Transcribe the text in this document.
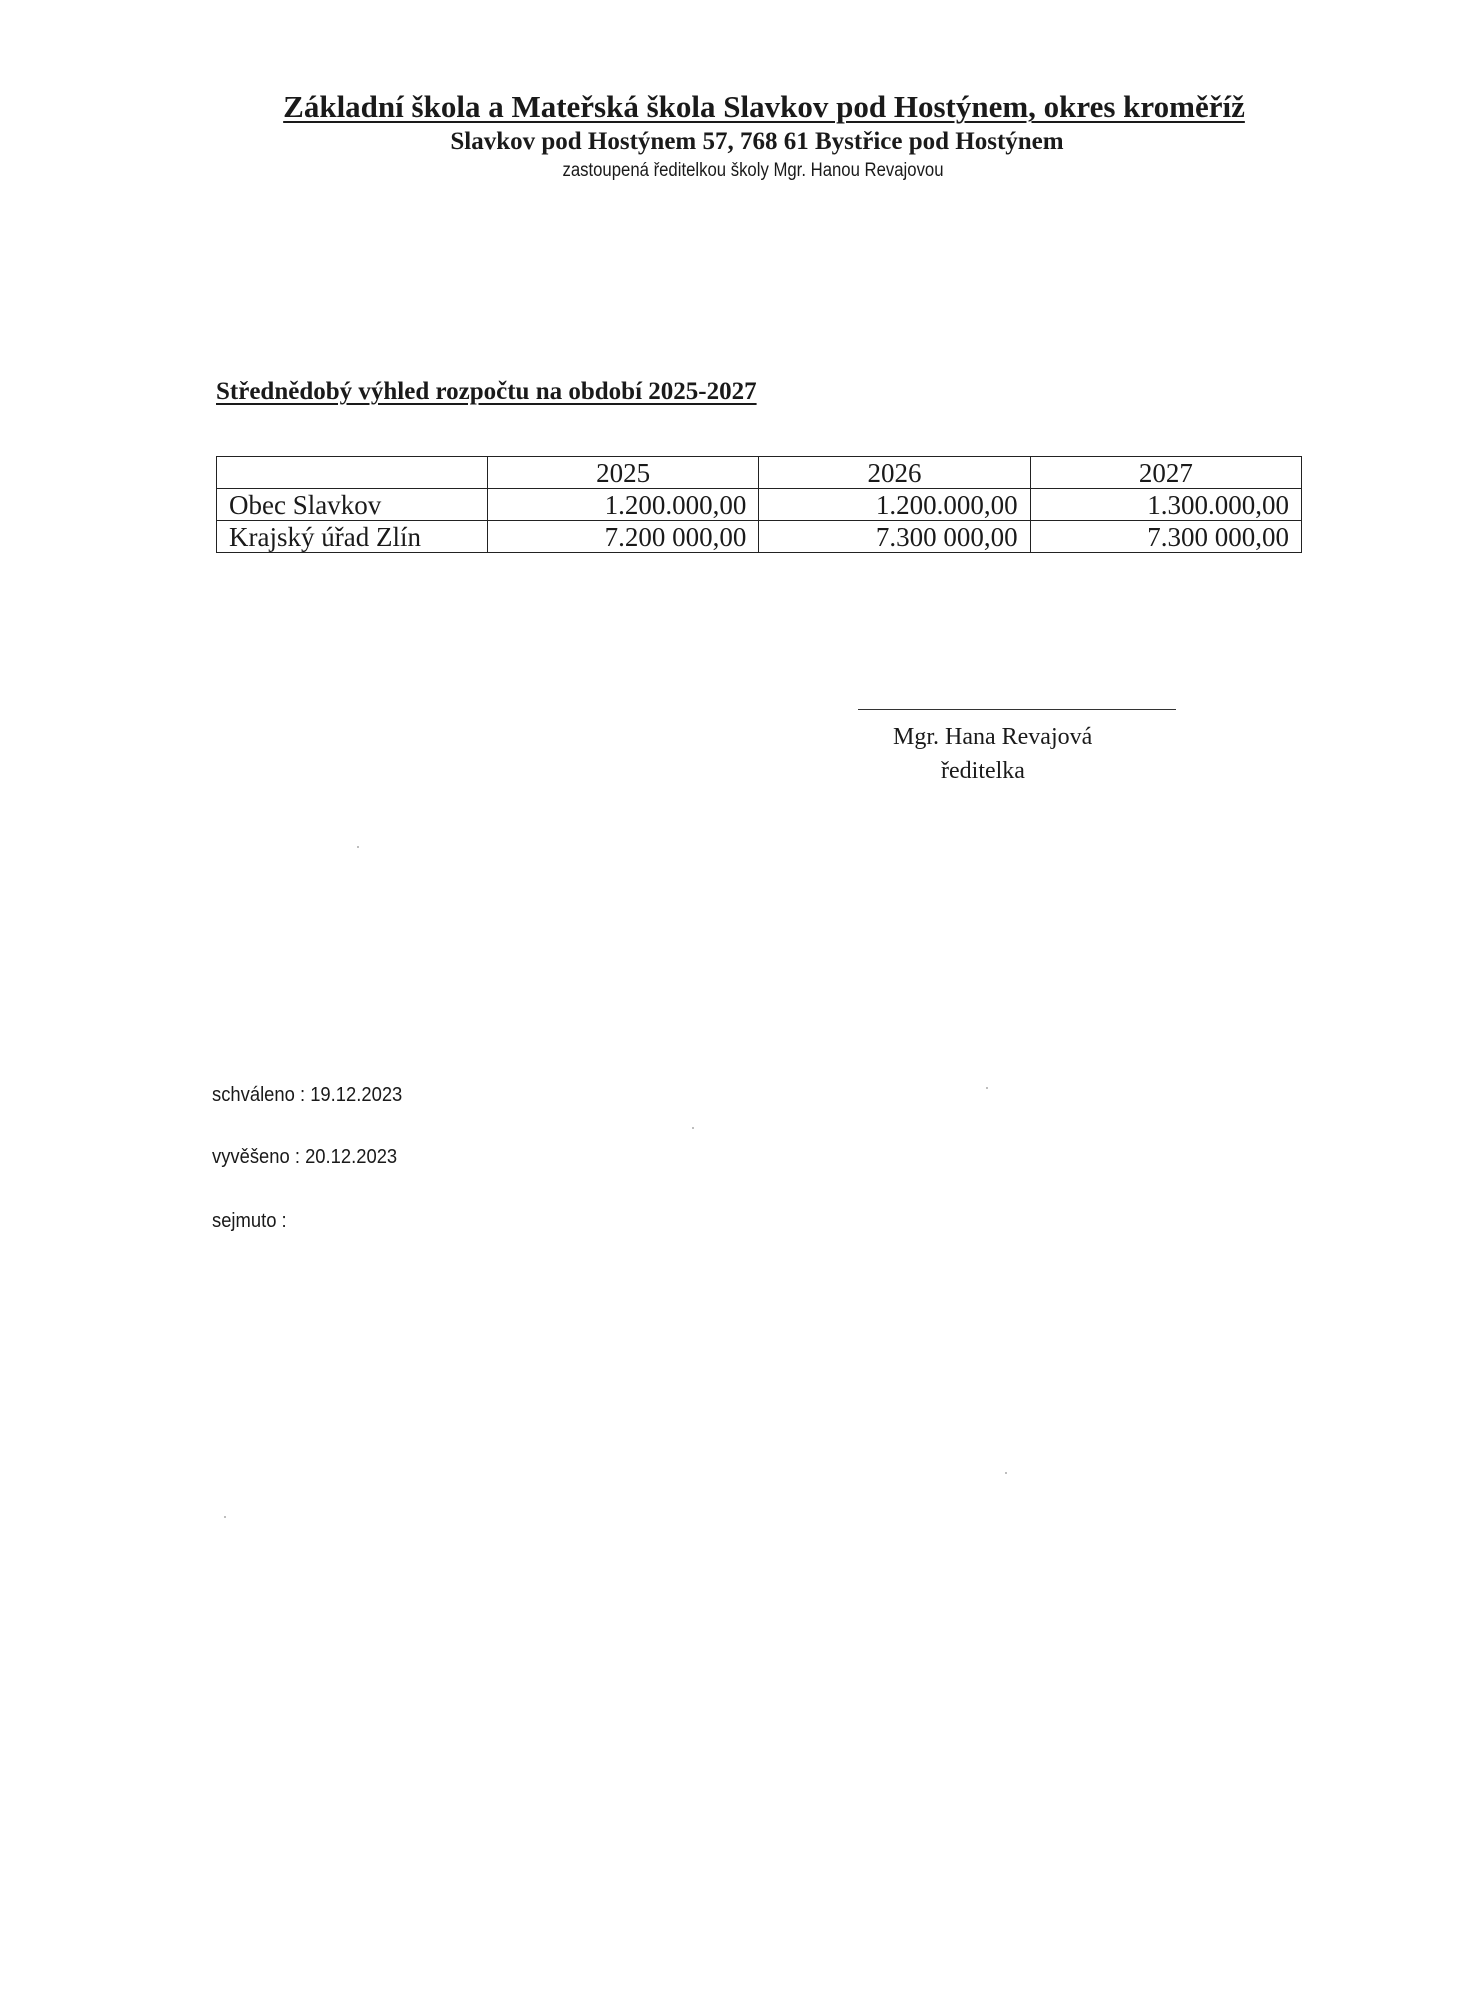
Základní škola a Mateřská škola Slavkov pod Hostýnem, okres kroměříž
Slavkov pod Hostýnem 57, 768 61 Bystřice pod Hostýnem
zastoupená ředitelkou školy Mgr. Hanou Revajovou
Střednědobý výhled rozpočtu na období 2025-2027
	2025	2026	2027
Obec Slavkov	1.200.000,00	1.200.000,00	1.300.000,00
Krajský úřad Zlín	7.200 000,00	7.300 000,00	7.300 000,00
Mgr. Hana Revajová
ředitelka
schváleno : 19.12.2023
vyvěšeno : 20.12.2023
sejmuto :
